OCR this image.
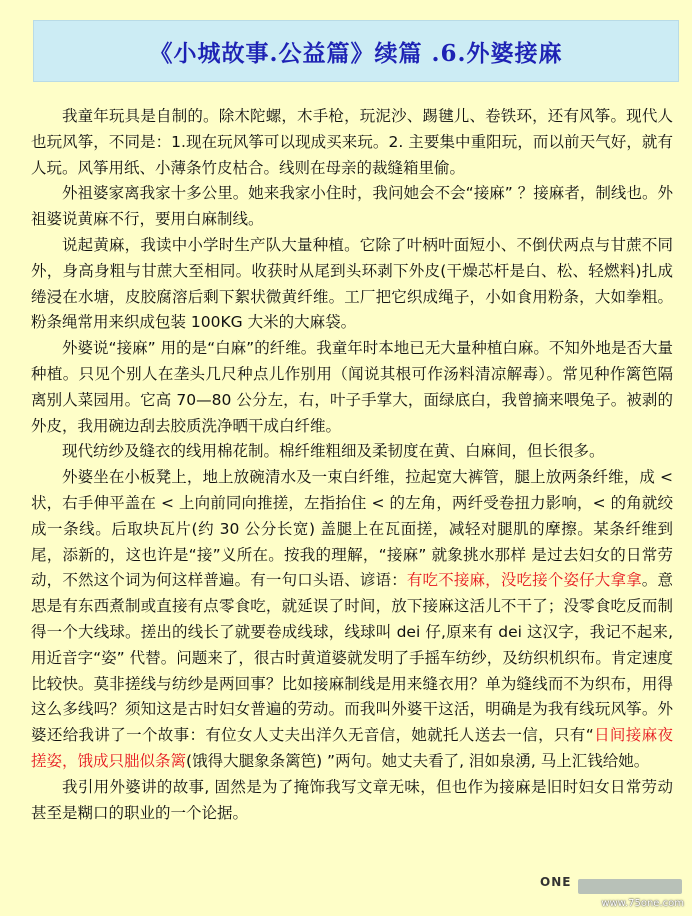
《小城故事.公益篇》续篇 .6.外婆接麻

我童年玩具是自制的。除木陀螺，木手枪，玩泥沙、踢毽儿、卷铁环，还有风筝。现代人也玩风筝，不同是：1.现在玩风筝可以现成买来玩。2. 主要集中重阳玩，而以前天气好，就有人玩。风筝用纸、小薄条竹皮枯合。线则在母亲的裁缝箱里偷。

外祖婆家离我家十多公里。她来我家小住时，我问她会不会“接麻” ？接麻者，制线也。外祖婆说黄麻不行，要用白麻制线。

说起黄麻，我读中小学时生产队大量种植。它除了叶柄叶面短小、不倒伏两点与甘蔗不同外，身高身粗与甘蔗大至相同。收获时从尾到头环剥下外皮(干燥芯杆是白、松、轻燃料)扎成绻浸在水塘，皮胶腐溶后剩下絮状微黄纤维。工厂把它织成绳子，小如食用粉条，大如拳粗。粉条绳常用来织成包装 100KG 大米的大麻袋。

外婆说“接麻” 用的是“白麻”的纤维。我童年时本地已无大量种植白麻。不知外地是否大量种植。只见个别人在垄头几尺种点儿作别用（闻说其根可作汤料清凉解毒）。常见种作篱笆隔离别人菜园用。它高 70—80 公分左，右，叶子手掌大，面绿底白，我曾摘来喂兔子。被剥的外皮，我用碗边刮去胶质洗净晒干成白纤维。

现代纺纱及缝衣的线用棉花制。棉纤维粗细及柔韧度在黄、白麻间，但长很多。

外婆坐在小板凳上，地上放碗清水及一束白纤维，拉起宽大裤管，腿上放两条纤维，成 < 状，右手伸平盖在 < 上向前同向推搓，左指抬住 < 的左角，两纤受卷扭力影响，< 的角就绞成一条线。后取块瓦片(约 30 公分长宽) 盖腿上在瓦面搓，减轻对腿肌的摩擦。某条纤维到尾，添新的，这也许是“接”义所在。按我的理解，“接麻” 就象挑水那样 是过去妇女的日常劳动，不然这个词为何这样普遍。有一句口头语、谚语：有吃不接麻，没吃接个姿仔大拿拿。意思是有东西煮制或直接有点零食吃，就延误了时间，放下接麻这活儿不干了；没零食吃反而制得一个大线球。搓出的线长了就要卷成线球，线球叫 dei 仔,原来有 dei 这汉字，我记不起来,用近音字“姿” 代替。问题来了，很古时黄道婆就发明了手摇车纺纱，及纺织机织布。肯定速度比较快。莫非搓线与纺纱是两回事？比如接麻制线是用来缝衣用？单为缝线而不为织布，用得这么多线吗？须知这是古时妇女普遍的劳动。而我叫外婆干这活，明确是为我有线玩风筝。外婆还给我讲了一个故事：有位女人丈夫出洋久无音信，她就托人送去一信，只有“日间接麻夜搓姿，饿成只胐似条篱(饿得大腿象条篱笆) ”两句。她丈夫看了, 泪如泉湧, 马上汇钱给她。

我引用外婆讲的故事, 固然是为了掩饰我写文章无味，但也作为接麻是旧时妇女日常劳动甚至是糊口的职业的一个论据。

ONE
www.75one.com
